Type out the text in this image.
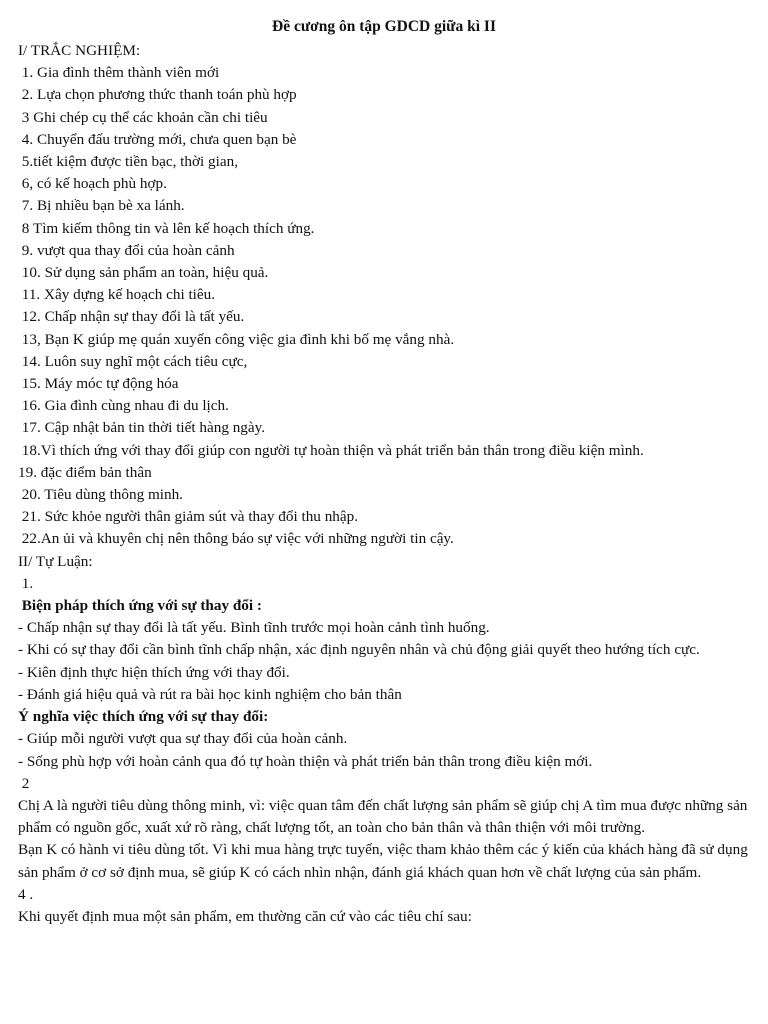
Đề cương ôn tập GDCD giữa kì II

I/ TRẮC NGHIỆM:

1. Gia đình thêm thành viên mới

2. Lựa chọn phương thức thanh toán phù hợp

3 Ghi chép cụ thể các khoản cần chi tiêu

4. Chuyển đấu trường mới, chưa quen bạn bè

5.tiết kiệm được tiền bạc, thời gian,

6, có kế hoạch phù hợp.

7. Bị nhiều bạn bè xa lánh.

8 Tìm kiếm thông tin và lên kế hoạch thích ứng.

9. vượt qua thay đổi của hoàn cảnh

10. Sử dụng sản phẩm an toàn, hiệu quả.

11. Xây dựng kế hoạch chi tiêu.

12. Chấp nhận sự thay đổi là tất yếu.

13, Bạn K giúp mẹ quán xuyến công việc gia đình khi bố mẹ vắng nhà.

14. Luôn suy nghĩ một cách tiêu cực,

15. Máy móc tự động hóa

16. Gia đình cùng nhau đi du lịch.

17. Cập nhật bản tin thời tiết hàng ngày.

18.Vì thích ứng với thay đổi giúp con người tự hoàn thiện và phát triển bản thân trong điều kiện mình.

19. đặc điểm bản thân

20. Tiêu dùng thông minh.

21. Sức khỏe người thân giảm sút và thay đổi thu nhập.

22.An ủi và khuyên chị nên thông báo sự việc với những người tin cậy.

II/ Tự Luận:

1.

Biện pháp thích ứng với sự thay đổi :

- Chấp nhận sự thay đổi là tất yếu. Bình tĩnh trước mọi hoàn cảnh tình huống.

- Khi có sự thay đổi cần bình tĩnh chấp nhận, xác định nguyên nhân và chủ động giải quyết theo hướng tích cực.

- Kiên định thực hiện thích ứng với thay đổi.

- Đánh giá hiệu quả và rút ra bài học kinh nghiệm cho bản thân

Ý nghĩa việc thích ứng với sự thay đổi:

- Giúp mỗi người vượt qua sự thay đổi của hoàn cảnh.

- Sống phù hợp với hoàn cảnh qua đó tự hoàn thiện và phát triển bản thân trong điều kiện mới.

2

Chị A là người tiêu dùng thông minh, vì: việc quan tâm đến chất lượng sản phẩm sẽ giúp chị A tìm mua được những sản phẩm có nguồn gốc, xuất xứ rõ ràng, chất lượng tốt, an toàn cho bản thân và thân thiện với môi trường.

Bạn K có hành vi tiêu dùng tốt. Vì khi mua hàng trực tuyến, việc tham khảo thêm các ý kiến của khách hàng đã sử dụng sản phẩm ở cơ sở định mua, sẽ giúp K có cách nhìn nhận, đánh giá khách quan hơn về chất lượng của sản phẩm.

4 .

Khi quyết định mua một sản phẩm, em thường căn cứ vào các tiêu chí sau:
